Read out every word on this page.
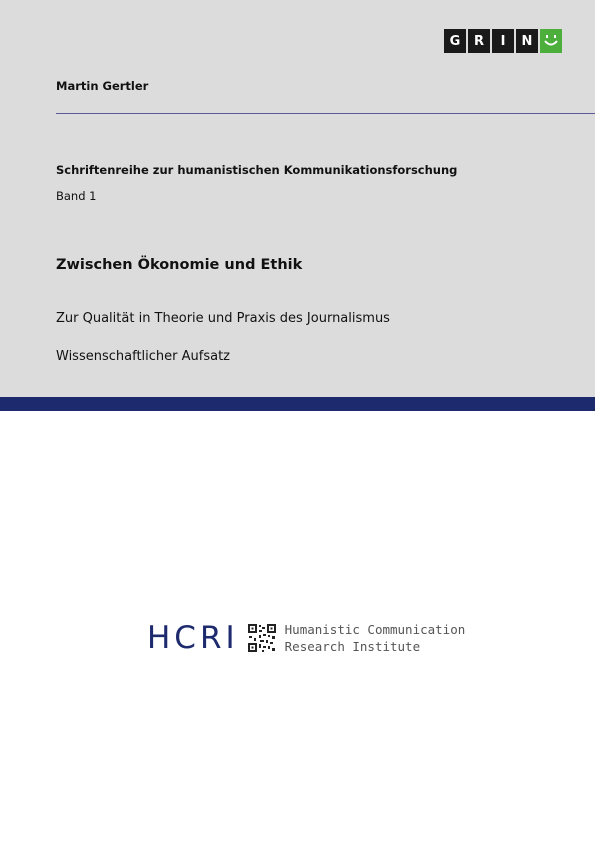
G	R	I	N
Martin Gertler
Schriftenreihe zur humanistischen Kommunikationsforschung
Band 1
Zwischen Ökonomie und Ethik
Zur Qualität in Theorie und Praxis des Journalismus
Wissenschaftlicher Aufsatz
HCRI	Humanistic Communication
Research Institute
